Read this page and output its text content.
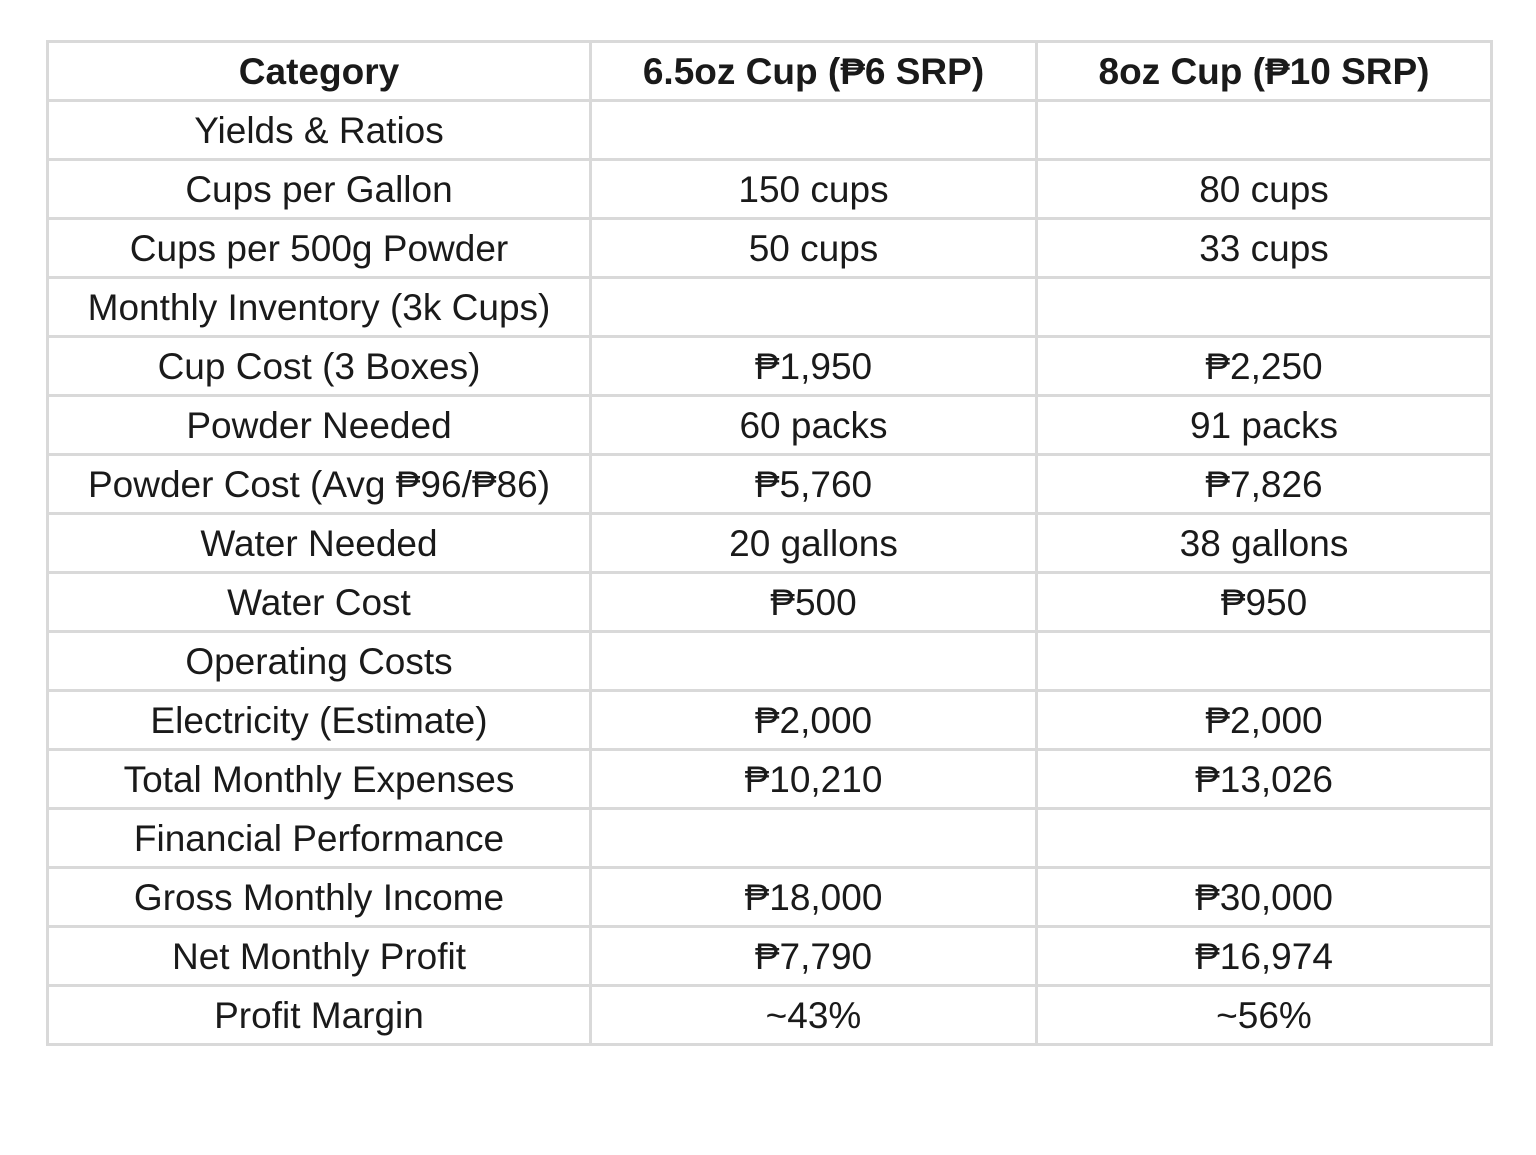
Category	6.5oz Cup (₱6 SRP)	8oz Cup (₱10 SRP)
Yields & Ratios		
Cups per Gallon	150 cups	80 cups
Cups per 500g Powder	50 cups	33 cups
Monthly Inventory (3k Cups)		
Cup Cost (3 Boxes)	₱1,950	₱2,250
Powder Needed	60 packs	91 packs
Powder Cost (Avg ₱96/₱86)	₱5,760	₱7,826
Water Needed	20 gallons	38 gallons
Water Cost	₱500	₱950
Operating Costs		
Electricity (Estimate)	₱2,000	₱2,000
Total Monthly Expenses	₱10,210	₱13,026
Financial Performance		
Gross Monthly Income	₱18,000	₱30,000
Net Monthly Profit	₱7,790	₱16,974
Profit Margin	~43%	~56%
